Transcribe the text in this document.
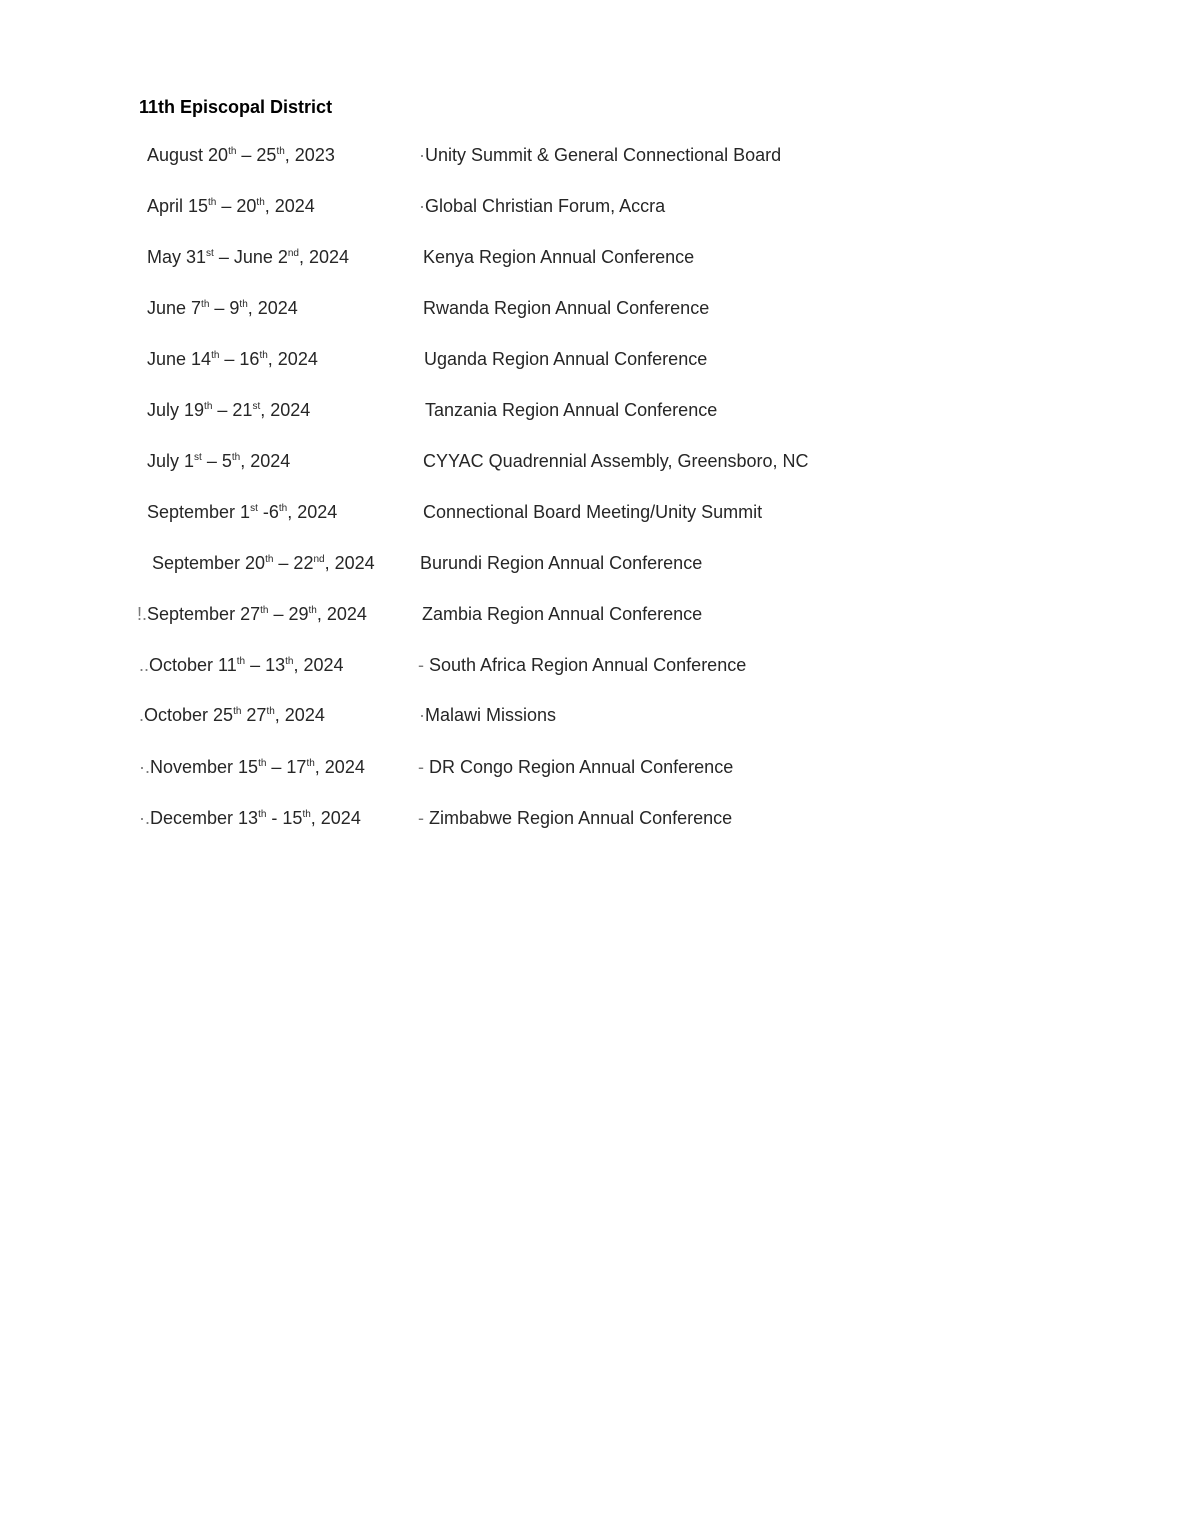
11th Episcopal District
August 20th – 25th, 2023	·Unity Summit & General Connectional Board
April 15th – 20th, 2024	·Global Christian Forum, Accra
May 31st – June 2nd, 2024	Kenya Region Annual Conference
June 7th – 9th, 2024	Rwanda Region Annual Conference
June 14th – 16th, 2024	Uganda Region Annual Conference
July 19th – 21st, 2024	Tanzania Region Annual Conference
July 1st – 5th, 2024	CYYAC Quadrennial Assembly, Greensboro, NC
September 1st -6th, 2024	Connectional Board Meeting/Unity Summit
September 20th – 22nd, 2024	Burundi Region Annual Conference
!.September 27th – 29th, 2024	Zambia Region Annual Conference
..October 11th – 13th, 2024	- South Africa Region Annual Conference
.October 25th 27th, 2024	·Malawi Missions
·.November 15th – 17th, 2024	- DR Congo Region Annual Conference
·.December 13th - 15th, 2024	- Zimbabwe Region Annual Conference
